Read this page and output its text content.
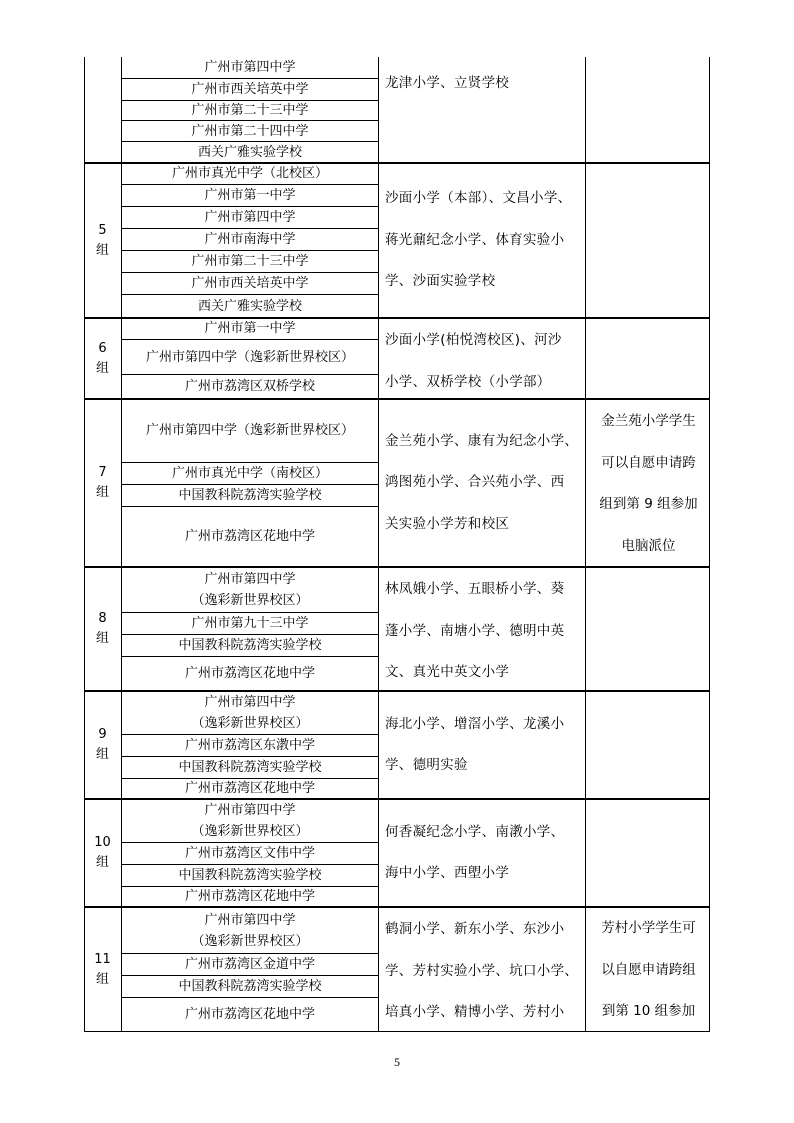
广州市第四中学
广州市西关培英中学
广州市第二十三中学
广州市第二十四中学
西关广雅实验学校
龙津小学、立贤学校
5
组
广州市真光中学（北校区）
广州市第一中学
广州市第四中学
广州市南海中学
广州市第二十三中学
广州市西关培英中学
西关广雅实验学校
沙面小学（本部）、文昌小学、
蒋光鼐纪念小学、体育实验小
学、沙面实验学校
6
组
广州市第一中学
广州市第四中学（逸彩新世界校区）
广州市荔湾区双桥学校
沙面小学(柏悦湾校区)、河沙
小学、双桥学校（小学部）
7
组
广州市第四中学（逸彩新世界校区）
广州市真光中学（南校区）
中国教科院荔湾实验学校
广州市荔湾区花地中学
金兰苑小学、康有为纪念小学、
鸿图苑小学、合兴苑小学、西
关实验小学芳和校区
金兰苑小学学生
可以自愿申请跨
组到第 9 组参加
电脑派位
8
组
广州市第四中学
（逸彩新世界校区）
广州市第九十三中学
中国教科院荔湾实验学校
广州市荔湾区花地中学
林凤娥小学、五眼桥小学、葵
蓬小学、南塘小学、德明中英
文、真光中英文小学
9
组
广州市第四中学
（逸彩新世界校区）
广州市荔湾区东漖中学
中国教科院荔湾实验学校
广州市荔湾区花地中学
海北小学、增滘小学、龙溪小
学、德明实验
10
组
广州市第四中学
（逸彩新世界校区）
广州市荔湾区文伟中学
中国教科院荔湾实验学校
广州市荔湾区花地中学
何香凝纪念小学、南漖小学、
海中小学、西塱小学
11
组
广州市第四中学
（逸彩新世界校区）
广州市荔湾区金道中学
中国教科院荔湾实验学校
广州市荔湾区花地中学
鹤洞小学、新东小学、东沙小
学、芳村实验小学、坑口小学、
培真小学、精博小学、芳村小
芳村小学学生可
以自愿申请跨组
到第 10 组参加
5
